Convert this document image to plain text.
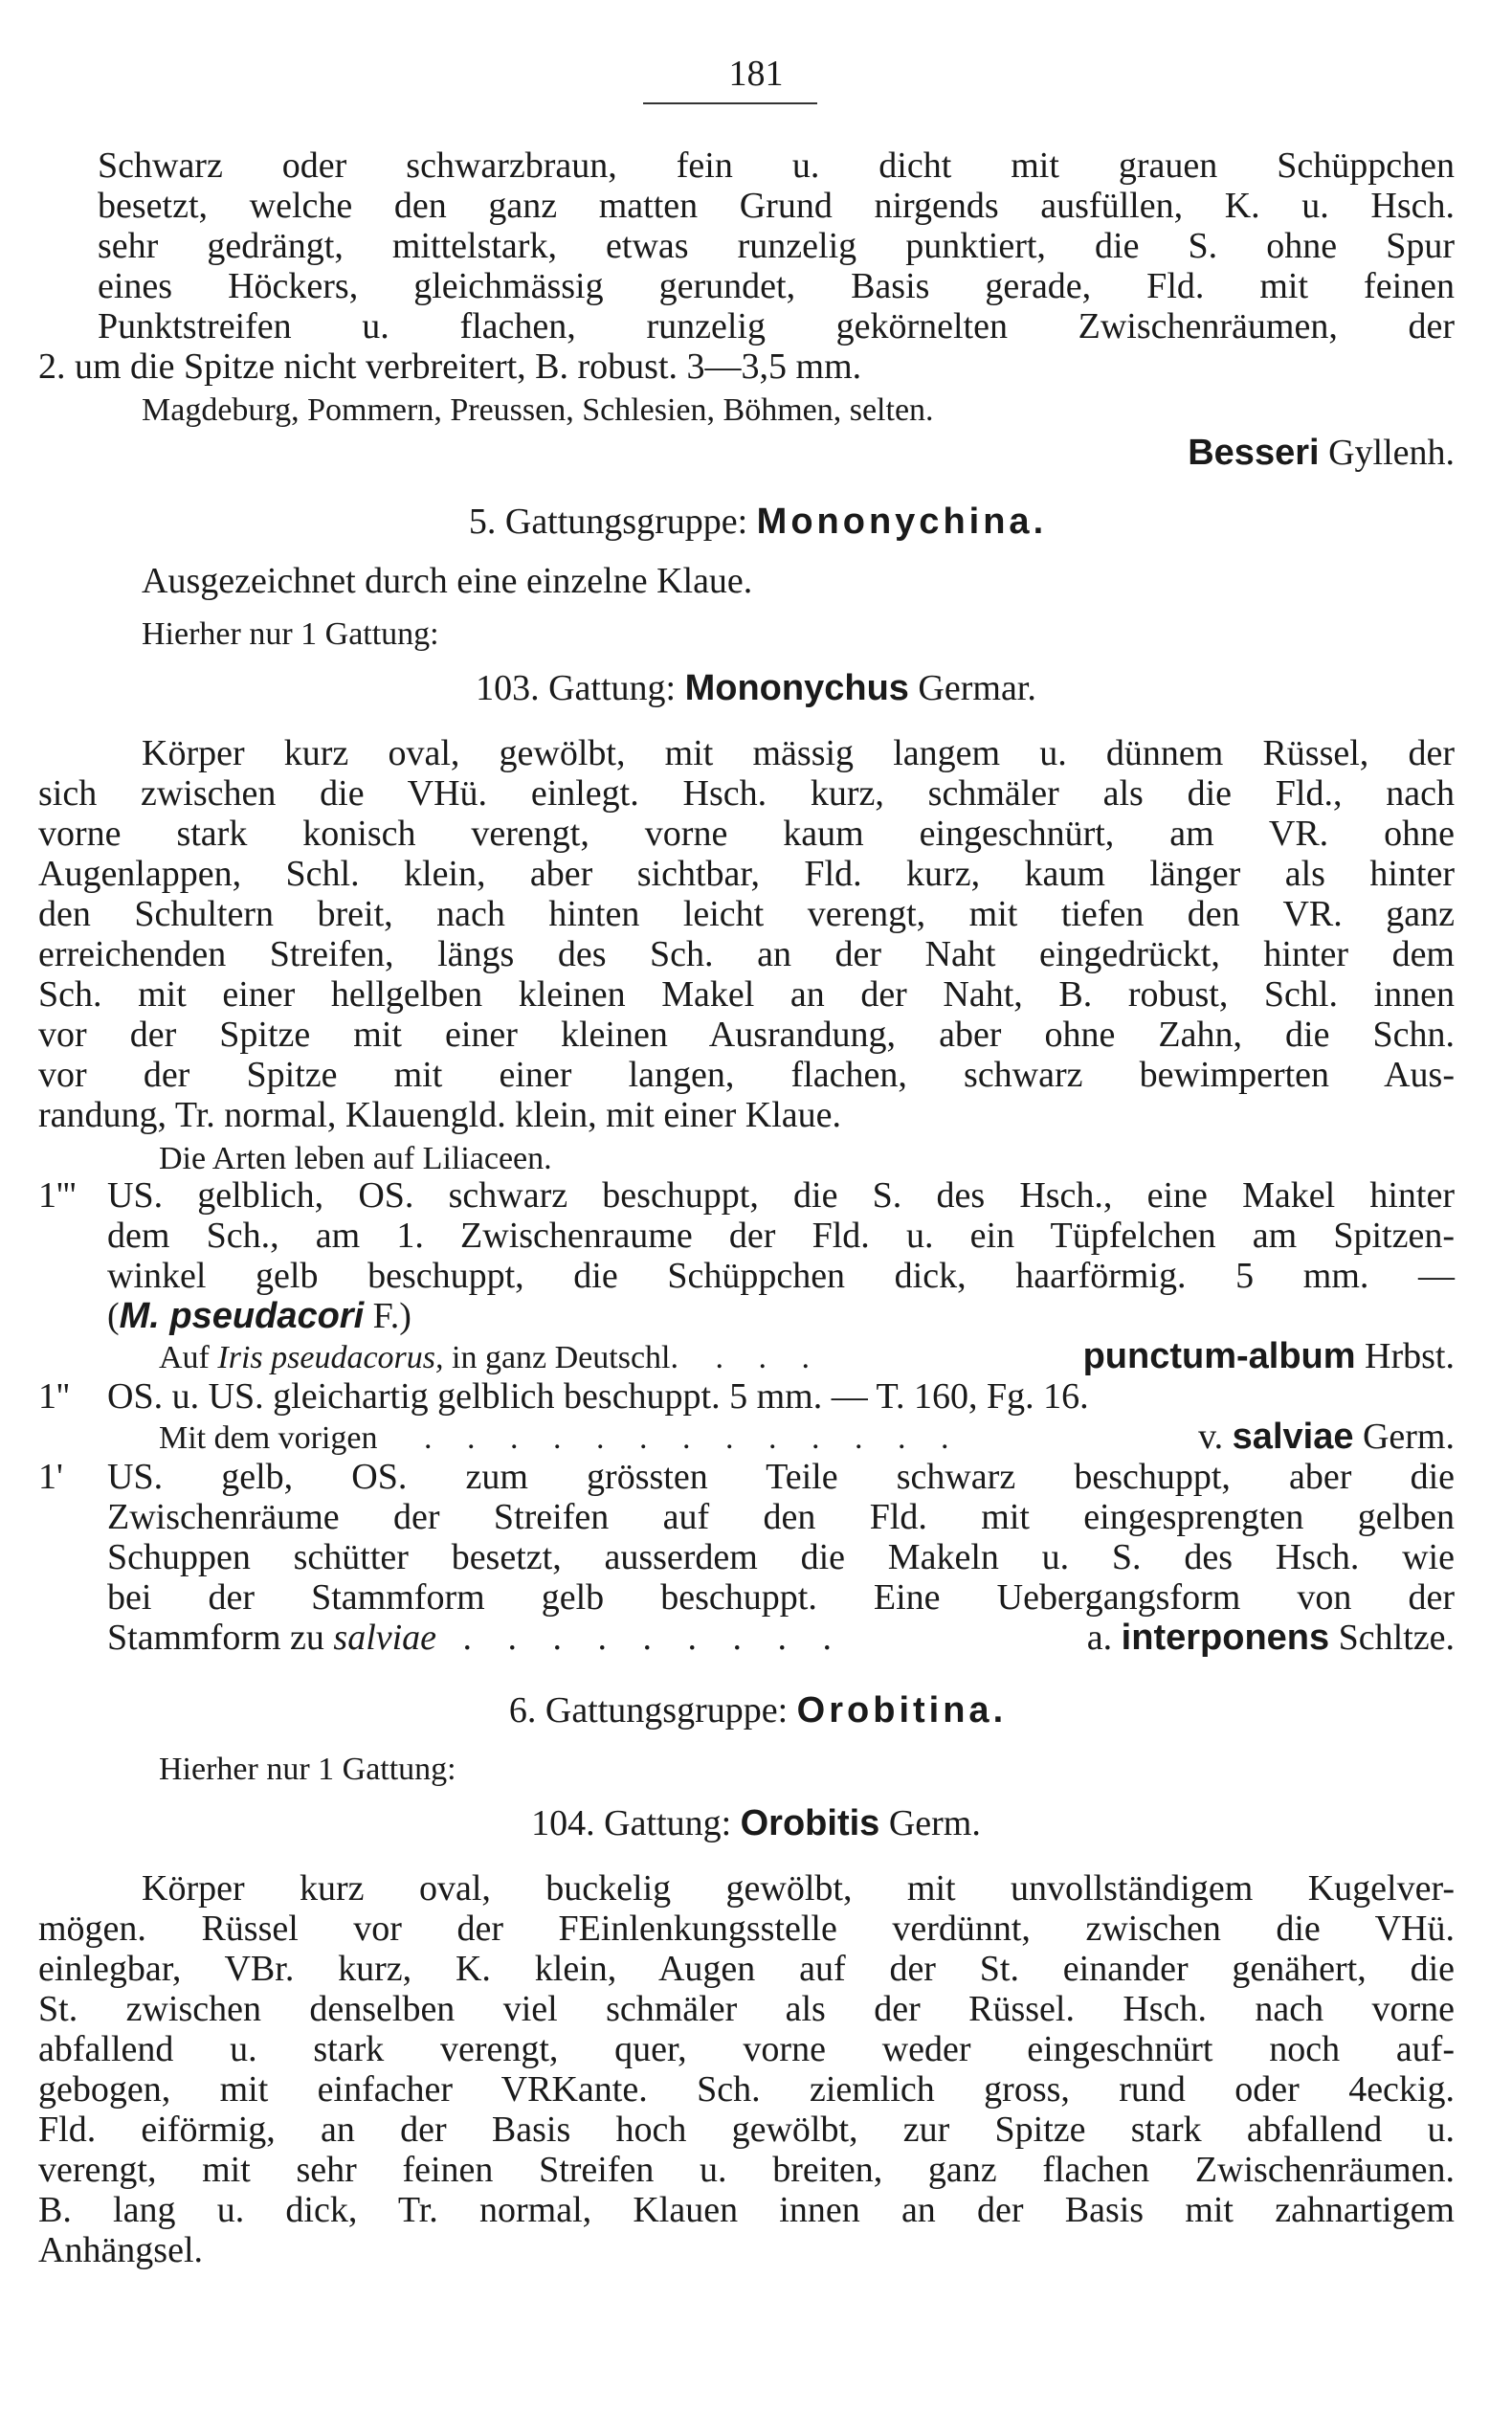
181
Schwarz oder schwarzbraun, fein u. dicht mit grauen Schüppchen
besetzt, welche den ganz matten Grund nirgends ausfüllen, K. u. Hsch.
sehr gedrängt, mittelstark, etwas runzelig punktiert, die S. ohne Spur
eines Höckers, gleichmässig gerundet, Basis gerade, Fld. mit feinen
Punktstreifen u. flachen, runzelig gekörnelten Zwischenräumen, der
2. um die Spitze nicht verbreitert, B. robust. 3—3,5 mm.
Magdeburg, Pommern, Preussen, Schlesien, Böhmen, selten.
Besseri Gyllenh.
5. Gattungsgruppe: Mononychina.
Ausgezeichnet durch eine einzelne Klaue.
Hierher nur 1 Gattung:
103. Gattung: Mononychus Germar.
Körper kurz oval, gewölbt, mit mässig langem u. dünnem Rüssel, der
sich zwischen die VHü. einlegt. Hsch. kurz, schmäler als die Fld., nach
vorne stark konisch verengt, vorne kaum eingeschnürt, am VR. ohne
Augenlappen, Schl. klein, aber sichtbar, Fld. kurz, kaum länger als hinter
den Schultern breit, nach hinten leicht verengt, mit tiefen den VR. ganz
erreichenden Streifen, längs des Sch. an der Naht eingedrückt, hinter dem
Sch. mit einer hellgelben kleinen Makel an der Naht, B. robust, Schl. innen
vor der Spitze mit einer kleinen Ausrandung, aber ohne Zahn, die Schn.
vor der Spitze mit einer langen, flachen, schwarz bewimperten Aus-
randung, Tr. normal, Klauengld. klein, mit einer Klaue.
Die Arten leben auf Liliaceen.
1''' US. gelblich, OS. schwarz beschuppt, die S. des Hsch., eine Makel hinter
dem Sch., am 1. Zwischenraume der Fld. u. ein Tüpfelchen am Spitzen-
winkel gelb beschuppt, die Schüppchen dick, haarförmig. 5 mm. —
(M. pseudacori F.)
Auf Iris pseudacorus, in ganz Deutschl. . . .	punctum-album Hrbst.
1'' OS. u. US. gleichartig gelblich beschuppt. 5 mm. — T. 160, Fg. 16.
Mit dem vorigen . . . . . . . . . . . . .	v. salviae Germ.
1' US. gelb, OS. zum grössten Teile schwarz beschuppt, aber die
Zwischenräume der Streifen auf den Fld. mit eingesprengten gelben
Schuppen schütter besetzt, ausserdem die Makeln u. S. des Hsch. wie
bei der Stammform gelb beschuppt. Eine Uebergangsform von der
Stammform zu salviae . . . . . . . . .	a. interponens Schltze.
6. Gattungsgruppe: Orobitina.
Hierher nur 1 Gattung:
104. Gattung: Orobitis Germ.
Körper kurz oval, buckelig gewölbt, mit unvollständigem Kugelver-
mögen. Rüssel vor der FEinlenkungsstelle verdünnt, zwischen die VHü.
einlegbar, VBr. kurz, K. klein, Augen auf der St. einander genähert, die
St. zwischen denselben viel schmäler als der Rüssel. Hsch. nach vorne
abfallend u. stark verengt, quer, vorne weder eingeschnürt noch auf-
gebogen, mit einfacher VRKante. Sch. ziemlich gross, rund oder 4eckig.
Fld. eiförmig, an der Basis hoch gewölbt, zur Spitze stark abfallend u.
verengt, mit sehr feinen Streifen u. breiten, ganz flachen Zwischenräumen.
B. lang u. dick, Tr. normal, Klauen innen an der Basis mit zahnartigem
Anhängsel.
